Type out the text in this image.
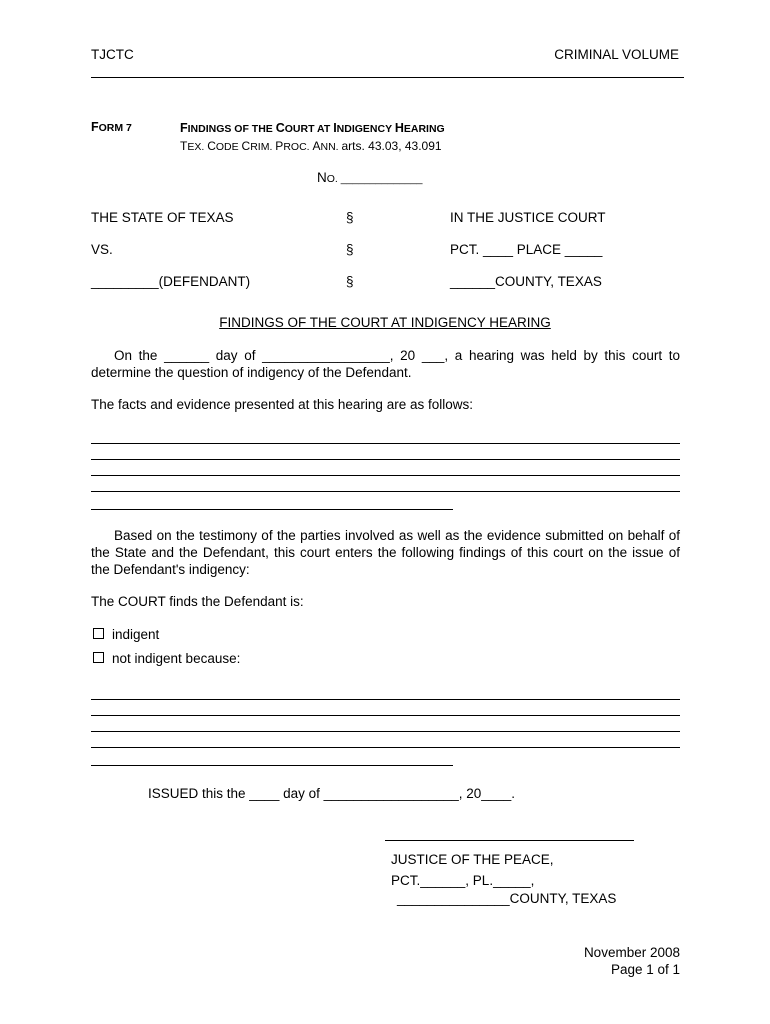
TJCTC	CRIMINAL VOLUME
FORM 7	FINDINGS OF THE COURT AT INDIGENCY HEARING
TEX. CODE CRIM. PROC. ANN. arts. 43.03, 43.091
NO. ______________
THE STATE OF TEXAS	§	IN THE JUSTICE COURT
VS.	§	PCT. ____ PLACE _____
_________(DEFENDANT)	§	______COUNTY, TEXAS
FINDINGS OF THE COURT AT INDIGENCY HEARING
On the ______ day of _________________, 20 ___, a hearing was held by this court to determine the question of indigency of the Defendant.
The facts and evidence presented at this hearing are as follows:
Based on the testimony of the parties involved as well as the evidence submitted on behalf of the State and the Defendant, this court enters the following findings of this court on the issue of the Defendant's indigency:
The COURT finds the Defendant is:
indigent
not indigent because:
ISSUED this the ____ day of __________________, 20____.
JUSTICE OF THE PEACE,
PCT.______, PL._____,
_______________COUNTY, TEXAS
November 2008
Page 1 of 1
